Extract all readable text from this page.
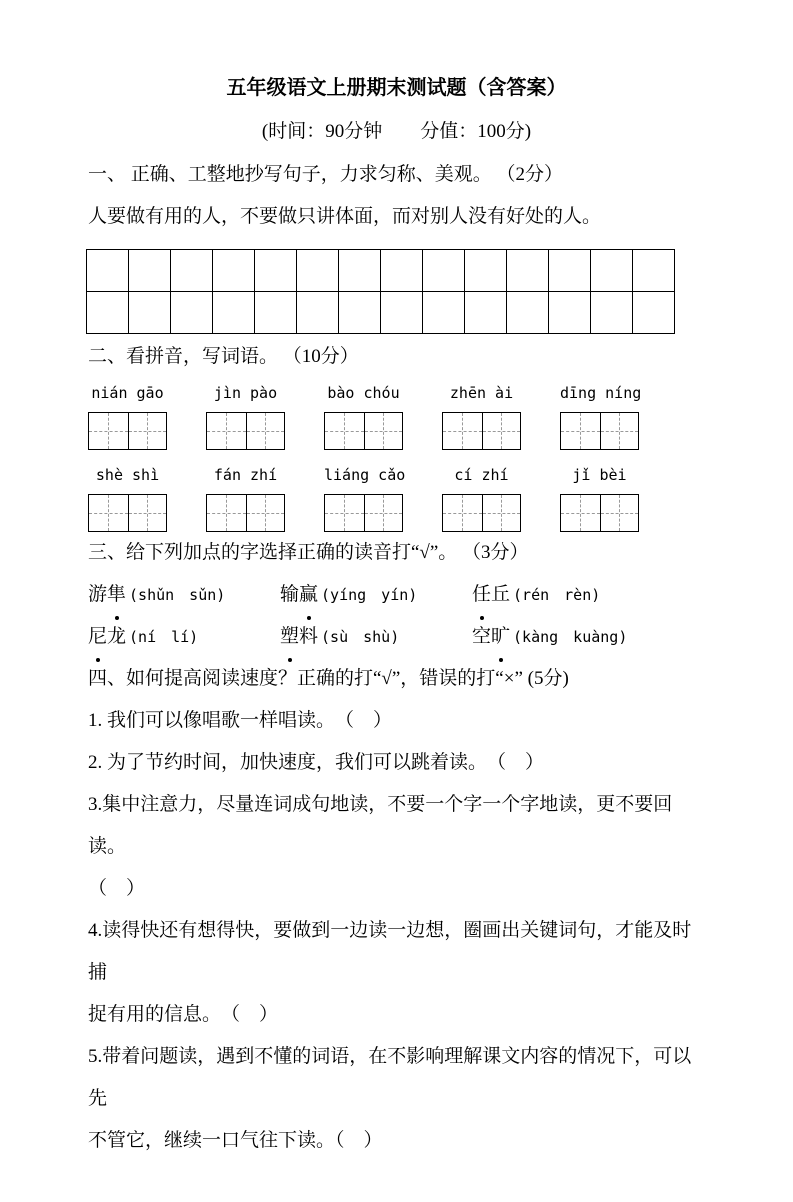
五年级语文上册期末测试题（含答案）
(时间：90分钟　　分值：100分)
一、 正确、工整地抄写句子，力求匀称、美观。 （2分）
人要做有用的人，不要做只讲体面，而对别人没有好处的人。

二、看拼音，写词语。 （10分）
nián gāo	jìn pào	bào chóu	zhēn ài	dīng níng
shè shì	fán zhí	liáng cǎo	cí zhí	jǐ bèi
三、给下列加点的字选择正确的读音打“√”。 （3分）
游隼 (shǔn　sǔn)	输赢 (yíng　yín)	任丘 (rén　rèn)
尼龙 (ní　lí)	塑料 (sù　shù)	空旷 (kàng　kuàng)
四、如何提高阅读速度？正确的打“√”，错误的打“×” (5分)
1. 我们可以像唱歌一样唱读。　（　）
2. 为了节约时间，加快速度，我们可以跳着读。　（　）
3.集中注意力，尽量连词成句地读，不要一个字一个字地读，更不要回读。
（　）
4.读得快还有想得快，要做到一边读一边想，圈画出关键词句，才能及时捕
捉有用的信息。　（　）
5.带着问题读，遇到不懂的词语，在不影响理解课文内容的情况下，可以先
不管它，继续一口气往下读。（　）
